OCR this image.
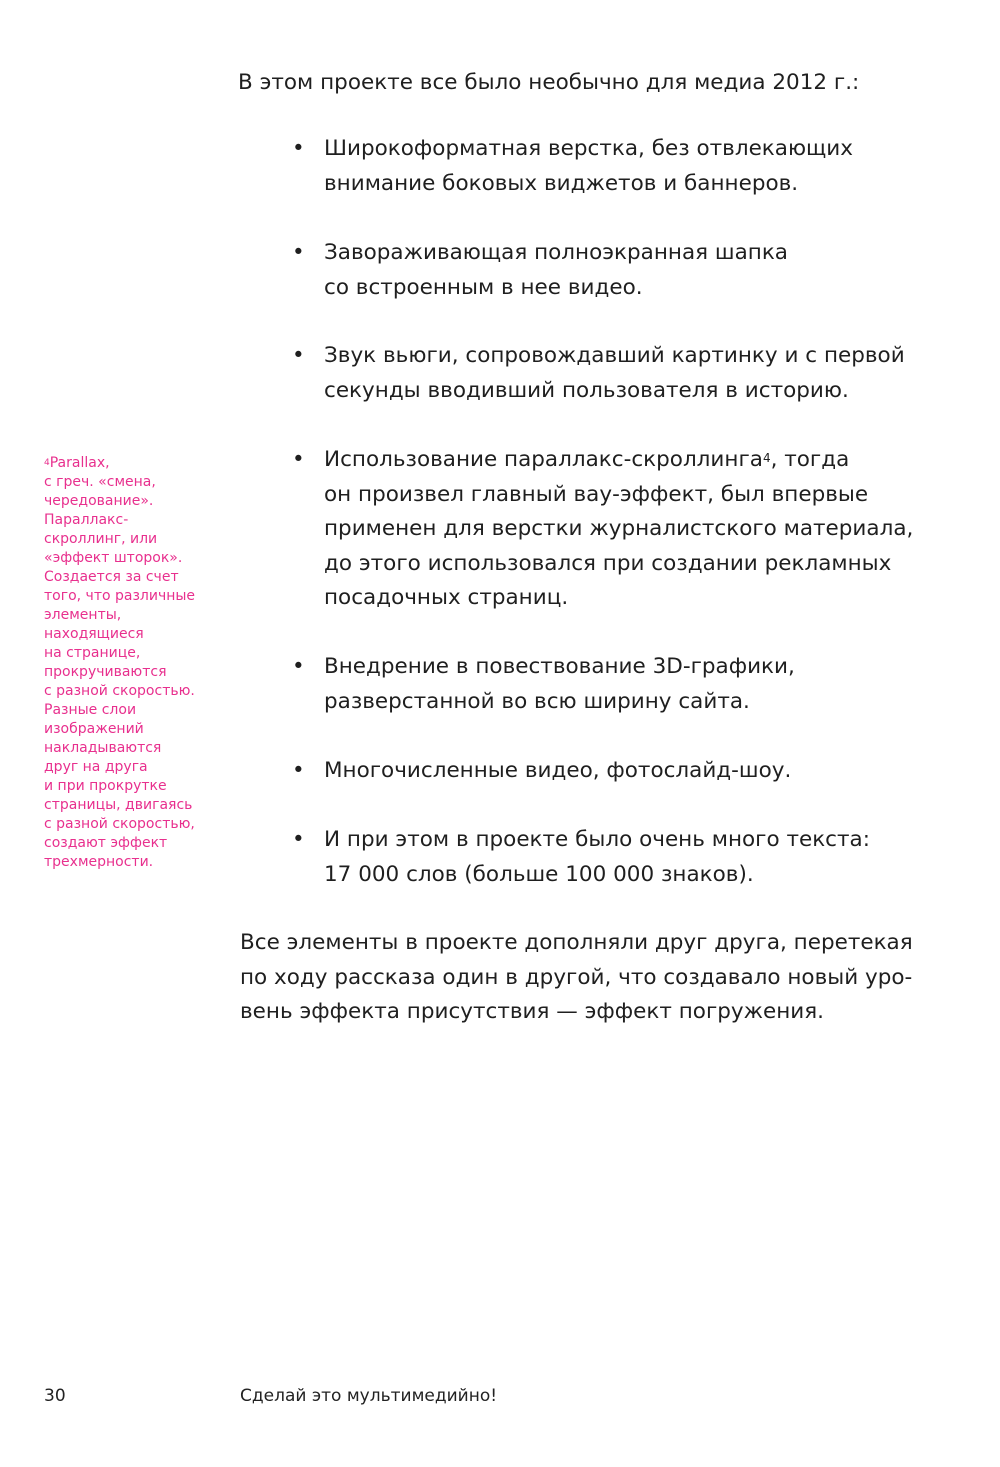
В этом проекте все было необычно для медиа 2012 г.:

• Широкоформатная верстка, без отвлекающих
внимание боковых виджетов и баннеров.
• Завораживающая полноэкранная шапка
со встроенным в нее видео.
• Звук вьюги, сопровождавший картинку и с первой
секунды вводивший пользователя в историю.
• Использование параллакс-скроллинга$^4$, тогда
он произвел главный вау-эффект, был впервые
применен для верстки журналистского материала,
до этого использовался при создании рекламных
посадочных страниц.
• Внедрение в повествование 3D-графики,
разверстанной во всю ширину сайта.
• Многочисленные видео, фотослайд-шоу.
• И при этом в проекте было очень много текста:
17 000 слов (больше 100 000 знаков).

Все элементы в проекте дополняли друг друга, перетекая
по ходу рассказа один в другой, что создавало новый уро-
вень эффекта присутствия — эффект погружения.

$^4$Parallax,
с греч. «смена,
чередование».
Параллакс-
скроллинг, или
«эффект шторок».
Создается за счет
того, что различные
элементы,
находящиеся
на странице,
прокручиваются
с разной скоростью.
Разные слои
изображений
накладываются
друг на друга
и при прокрутке
страницы, двигаясь
с разной скоростью,
создают эффект
трехмерности.
30	Сделай это мультимедийно!
